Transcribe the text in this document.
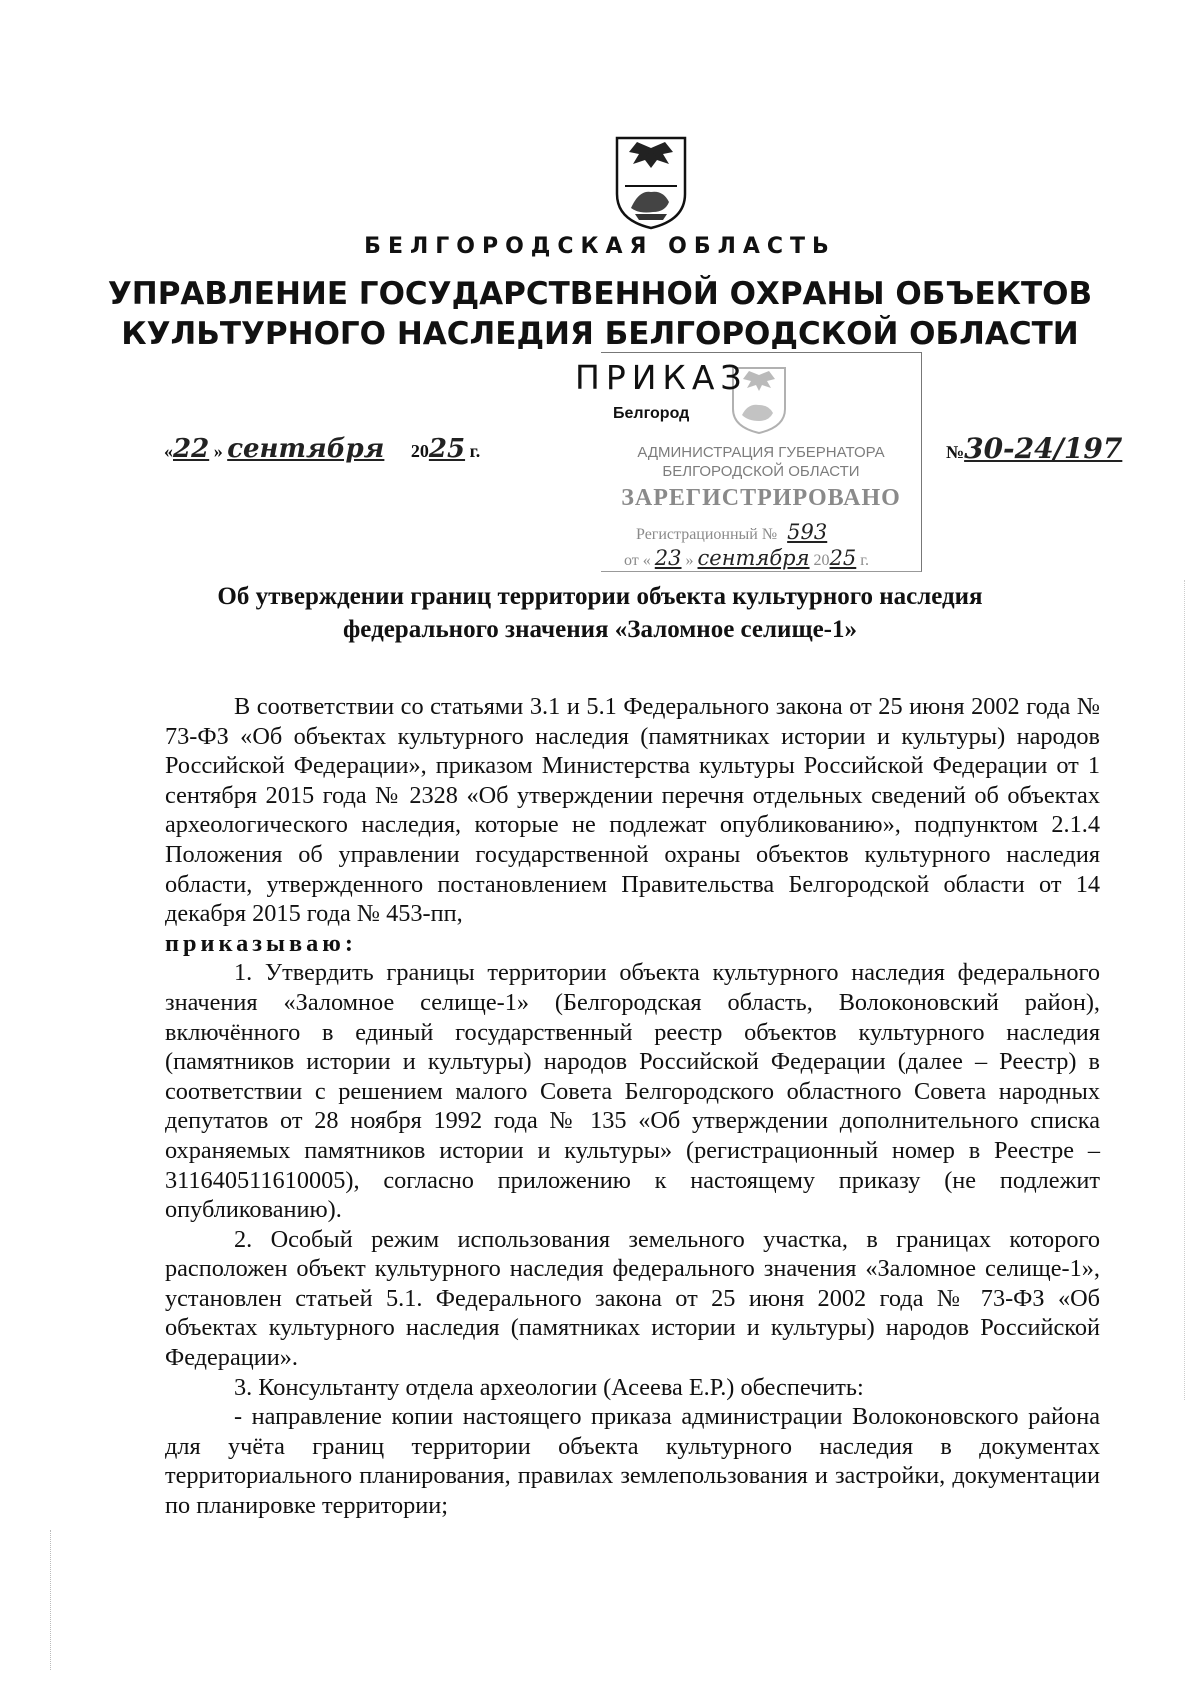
БЕЛГОРОДСКАЯ ОБЛАСТЬ
УПРАВЛЕНИЕ ГОСУДАРСТВЕННОЙ ОХРАНЫ ОБЪЕКТОВ
КУЛЬТУРНОГО НАСЛЕДИЯ БЕЛГОРОДСКОЙ ОБЛАСТИ
ПРИКАЗ
Белгород
АДМИНИСТРАЦИЯ ГУБЕРНАТОРА
БЕЛГОРОДСКОЙ ОБЛАСТИ
ЗАРЕГИСТРИРОВАНО
Регистрационный № 593
от « 23 » сентября 2025 г.
«22 » сентября 2025 г.	№30-24/197
Об утверждении границ территории объекта культурного наследия
федерального значения «Заломное селище-1»

В соответствии со статьями 3.1 и 5.1 Федерального закона от 25 июня 2002 года № 73-ФЗ «Об объектах культурного наследия (памятниках истории и культуры) народов Российской Федерации», приказом Министерства культуры Российской Федерации от 1 сентября 2015 года № 2328 «Об утверждении перечня отдельных сведений об объектах археологического наследия, которые не подлежат опубликованию», подпунктом 2.1.4 Положения об управлении государственной охраны объектов культурного наследия области, утвержденного постановлением Правительства Белгородской области от 14 декабря 2015 года № 453-пп,

приказываю:

1. Утвердить границы территории объекта культурного наследия федерального значения «Заломное селище-1» (Белгородская область, Волоконовский район), включённого в единый государственный реестр объектов культурного наследия (памятников истории и культуры) народов Российской Федерации (далее – Реестр) в соответствии с решением малого Совета Белгородского областного Совета народных депутатов от 28 ноября 1992 года № 135 «Об утверждении дополнительного списка охраняемых памятников истории и культуры» (регистрационный номер в Реестре – 311640511610005), согласно приложению к настоящему приказу (не подлежит опубликованию).

2. Особый режим использования земельного участка, в границах которого расположен объект культурного наследия федерального значения «Заломное селище-1», установлен статьей 5.1. Федерального закона от 25 июня 2002 года № 73-ФЗ «Об объектах культурного наследия (памятниках истории и культуры) народов Российской Федерации».

3. Консультанту отдела археологии (Асеева Е.Р.) обеспечить:

- направление копии настоящего приказа администрации Волоконовского района для учёта границ территории объекта культурного наследия в документах территориального планирования, правилах землепользования и застройки, документации по планировке территории;
